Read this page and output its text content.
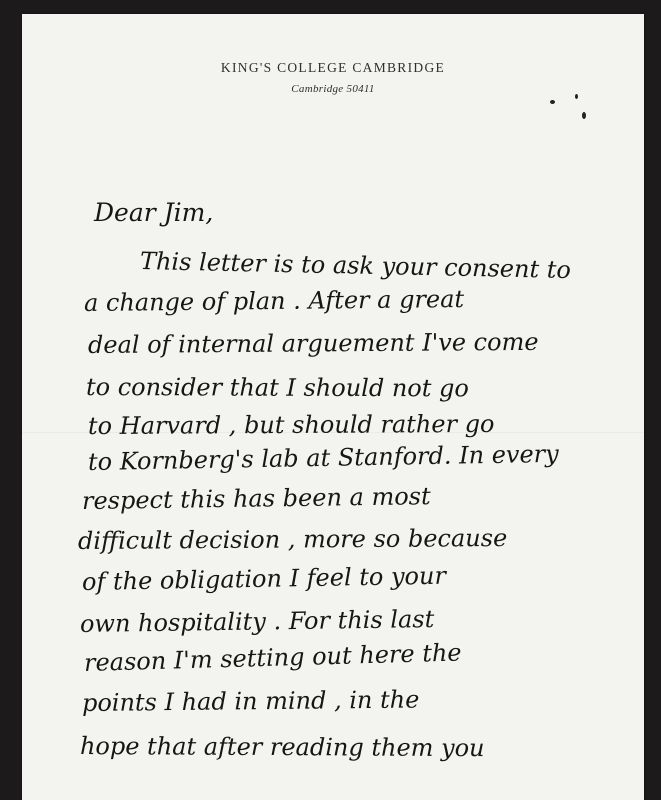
KING'S COLLEGE CAMBRIDGE
Cambridge 50411
Dear Jim,
This letter is to ask your consent to
a change of plan . After a great
deal of internal arguement I've come
to consider that I should not go
to Harvard , but should rather go
to Kornberg's lab at Stanford. In every
respect this has been a most
difficult decision , more so because
of the obligation I feel to your
own hospitality . For this last
reason I'm setting out here the
points I had in mind , in the
hope that after reading them you
